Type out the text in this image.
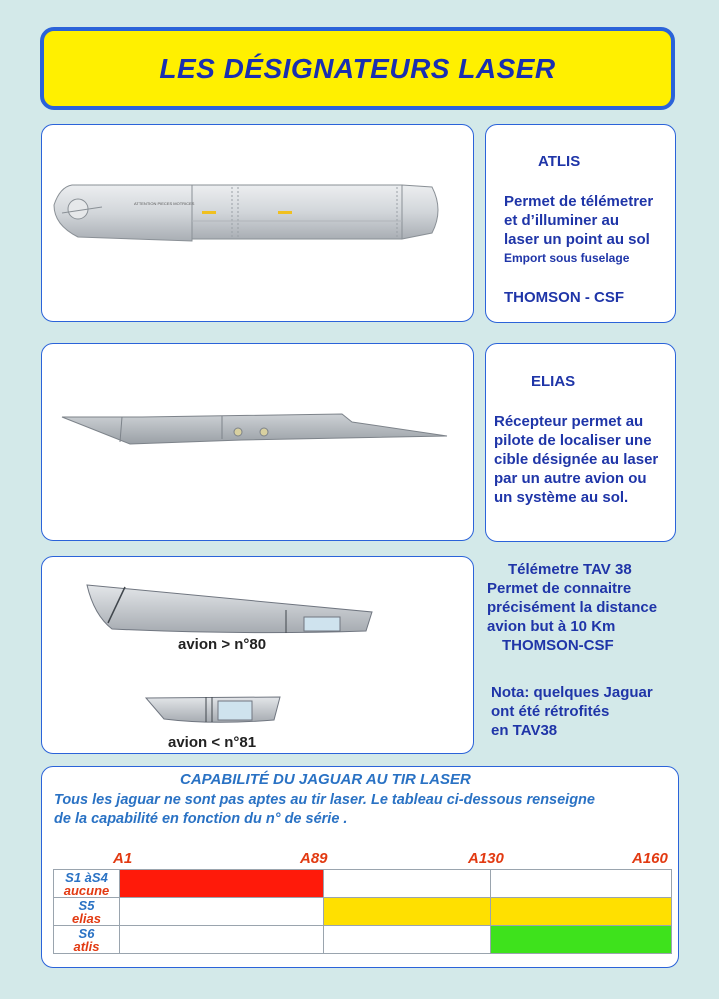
LES DÉSIGNATEURS LASER
ATTENTION PIECES MOTRICES
ATLIS
Permet de télémetrer
et d’illuminer au
laser un point au sol
Emport sous fuselage
THOMSON - CSF
ELIAS
Récepteur permet au
pilote de localiser une
cible désignée au laser
par un autre avion ou
un système au sol.
avion > n°80
avion < n°81
Télémetre TAV 38
Permet de connaitre
précisément la distance
avion but à 10 Km
THOMSON-CSF
Nota: quelques Jaguar
ont été rétrofités
en TAV38
CAPABILITÉ DU JAGUAR AU TIR LASER
Tous les jaguar ne sont pas aptes au tir laser. Le tableau ci-dessous renseigne
de la capabilité en fonction du n° de série .
A1	A89	A130	A160
S1 àS4
aucune			

S5
elias			

S6
atlis			
